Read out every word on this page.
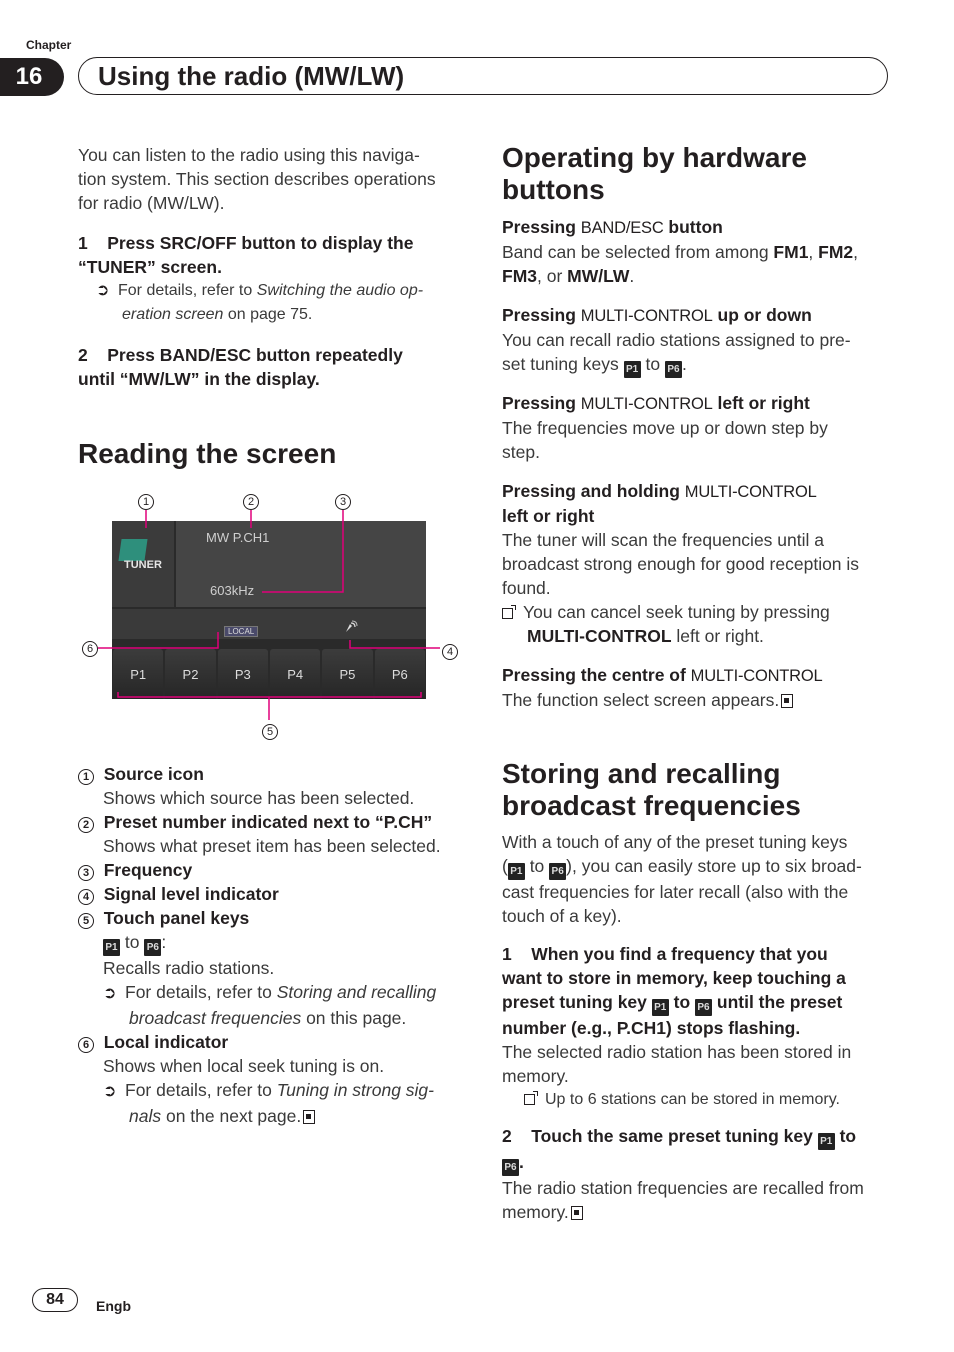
Chapter
16	Using the radio (MW/LW)
You can listen to the radio using this naviga-
tion system. This section describes operations
for radio (MW/LW).
1 Press SRC/OFF button to display the
“TUNER” screen.
➲ For details, refer to Switching the audio op-
eration screen on page 75.
2 Press BAND/ESC button repeatedly
until “MW/LW” in the display.
Reading the screen
1	2	3
4
5
6
TUNER
MW P.CH1
603kHz
LOCAL
P1	P2	P3	P4	P5	P6
1 Source icon
Shows which source has been selected.
2 Preset number indicated next to “P.CH”
Shows what preset item has been selected.
3 Frequency
4 Signal level indicator
5 Touch panel keys
P1 to P6 :
Recalls radio stations.
➲ For details, refer to Storing and recalling
broadcast frequencies on this page.
6 Local indicator
Shows when local seek tuning is on.
➲ For details, refer to Tuning in strong sig-
nals on the next page.
Operating by hardware
buttons
Pressing BAND/ESC button
Band can be selected from among FM1, FM2,
FM3, or MW/LW.
Pressing MULTI-CONTROL up or down
You can recall radio stations assigned to pre-
set tuning keys P1 to P6 .
Pressing MULTI-CONTROL left or right
The frequencies move up or down step by
step.
Pressing and holding MULTI-CONTROL
left or right
The tuner will scan the frequencies until a
broadcast strong enough for good reception is
found.
You can cancel seek tuning by pressing
MULTI-CONTROL left or right.
Pressing the centre of MULTI-CONTROL
The function select screen appears.
Storing and recalling
broadcast frequencies
With a touch of any of the preset tuning keys
( P1 to P6 ), you can easily store up to six broad-
cast frequencies for later recall (also with the
touch of a key).
1 When you find a frequency that you
want to store in memory, keep touching a
preset tuning key P1 to P6 until the preset
number (e.g., P.CH1) stops flashing.
The selected radio station has been stored in
memory.
Up to 6 stations can be stored in memory.
2 Touch the same preset tuning key P1 to
P6 .
The radio station frequencies are recalled from
memory.
84	Engb
